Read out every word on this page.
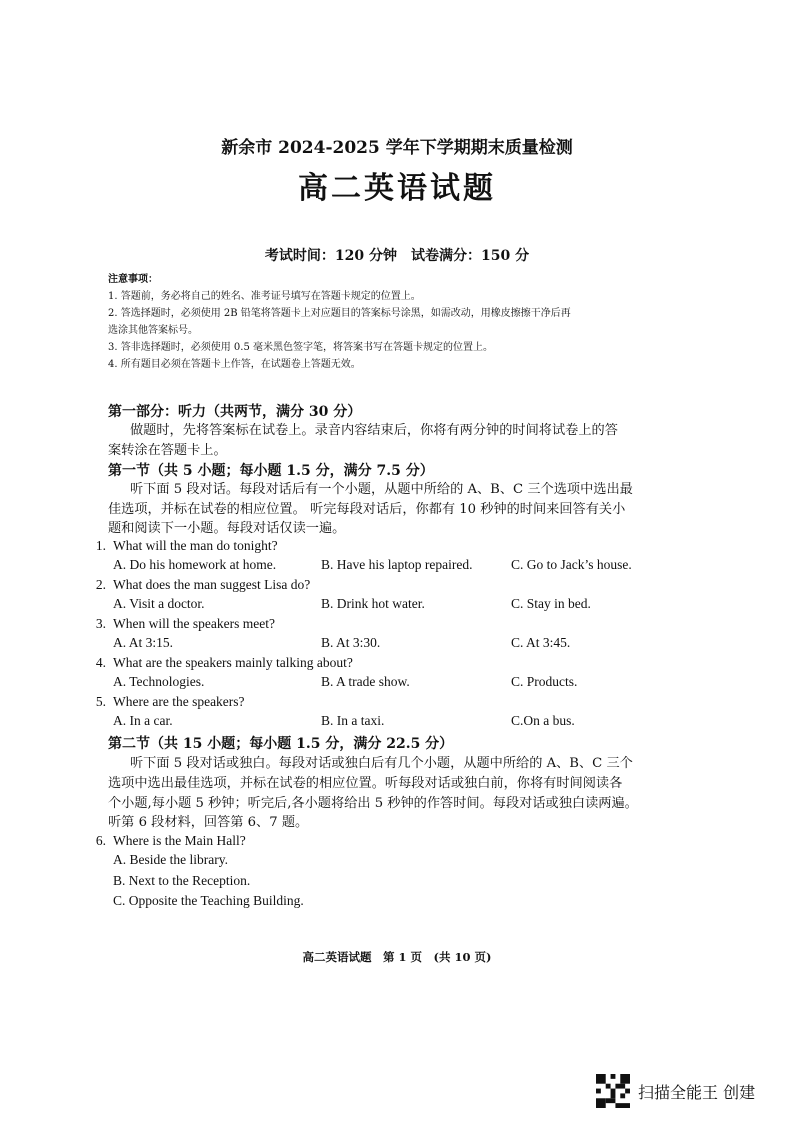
新余市 2024-2025 学年下学期期末质量检测
高二英语试题
考试时间：120 分钟　试卷满分：150 分
注意事项：
1. 答题前，务必将自己的姓名、准考证号填写在答题卡规定的位置上。
2. 答选择题时，必须使用 2B 铅笔将答题卡上对应题目的答案标号涂黑，如需改动，用橡皮擦擦干净后再
选涂其他答案标号。
3. 答非选择题时，必须使用 0.5 毫米黑色签字笔，将答案书写在答题卡规定的位置上。
4. 所有题目必须在答题卡上作答，在试题卷上答题无效。
第一部分：听力（共两节，满分 30 分）
做题时，先将答案标在试卷上。录音内容结束后，你将有两分钟的时间将试卷上的答
案转涂在答题卡上。
第一节（共 5 小题；每小题 1.5 分，满分 7.5 分）
听下面 5 段对话。每段对话后有一个小题，从题中所给的 A、B、C 三个选项中选出最
佳选项，并标在试卷的相应位置。 听完每段对话后，你都有 10 秒钟的时间来回答有关小
题和阅读下一小题。每段对话仅读一遍。
1. What will the man do tonight?
A. Do his homework at home.	B. Have his laptop repaired.	C. Go to Jack’s house.
2. What does the man suggest Lisa do?
A. Visit a doctor.	B. Drink hot water.	C. Stay in bed.
3. When will the speakers meet?
A. At 3:15.	B. At 3:30.	C. At 3:45.
4. What are the speakers mainly talking about?
A. Technologies.	B. A trade show.	C. Products.
5. Where are the speakers?
A. In a car.	B. In a taxi.	C.On a bus.
第二节（共 15 小题；每小题 1.5 分，满分 22.5 分）
听下面 5 段对话或独白。每段对话或独白后有几个小题，从题中所给的 A、B、C 三个
选项中选出最佳选项，并标在试卷的相应位置。听每段对话或独白前，你将有时间阅读各
个小题,每小题 5 秒钟；听完后,各小题将给出 5 秒钟的作答时间。每段对话或独白读两遍。
听第 6 段材料，回答第 6、7 题。
6. Where is the Main Hall?
A. Beside the library.
B. Next to the Reception.
C. Opposite the Teaching Building.
高二英语试题　第 1 页　(共 10 页)
扫描全能王 创建
